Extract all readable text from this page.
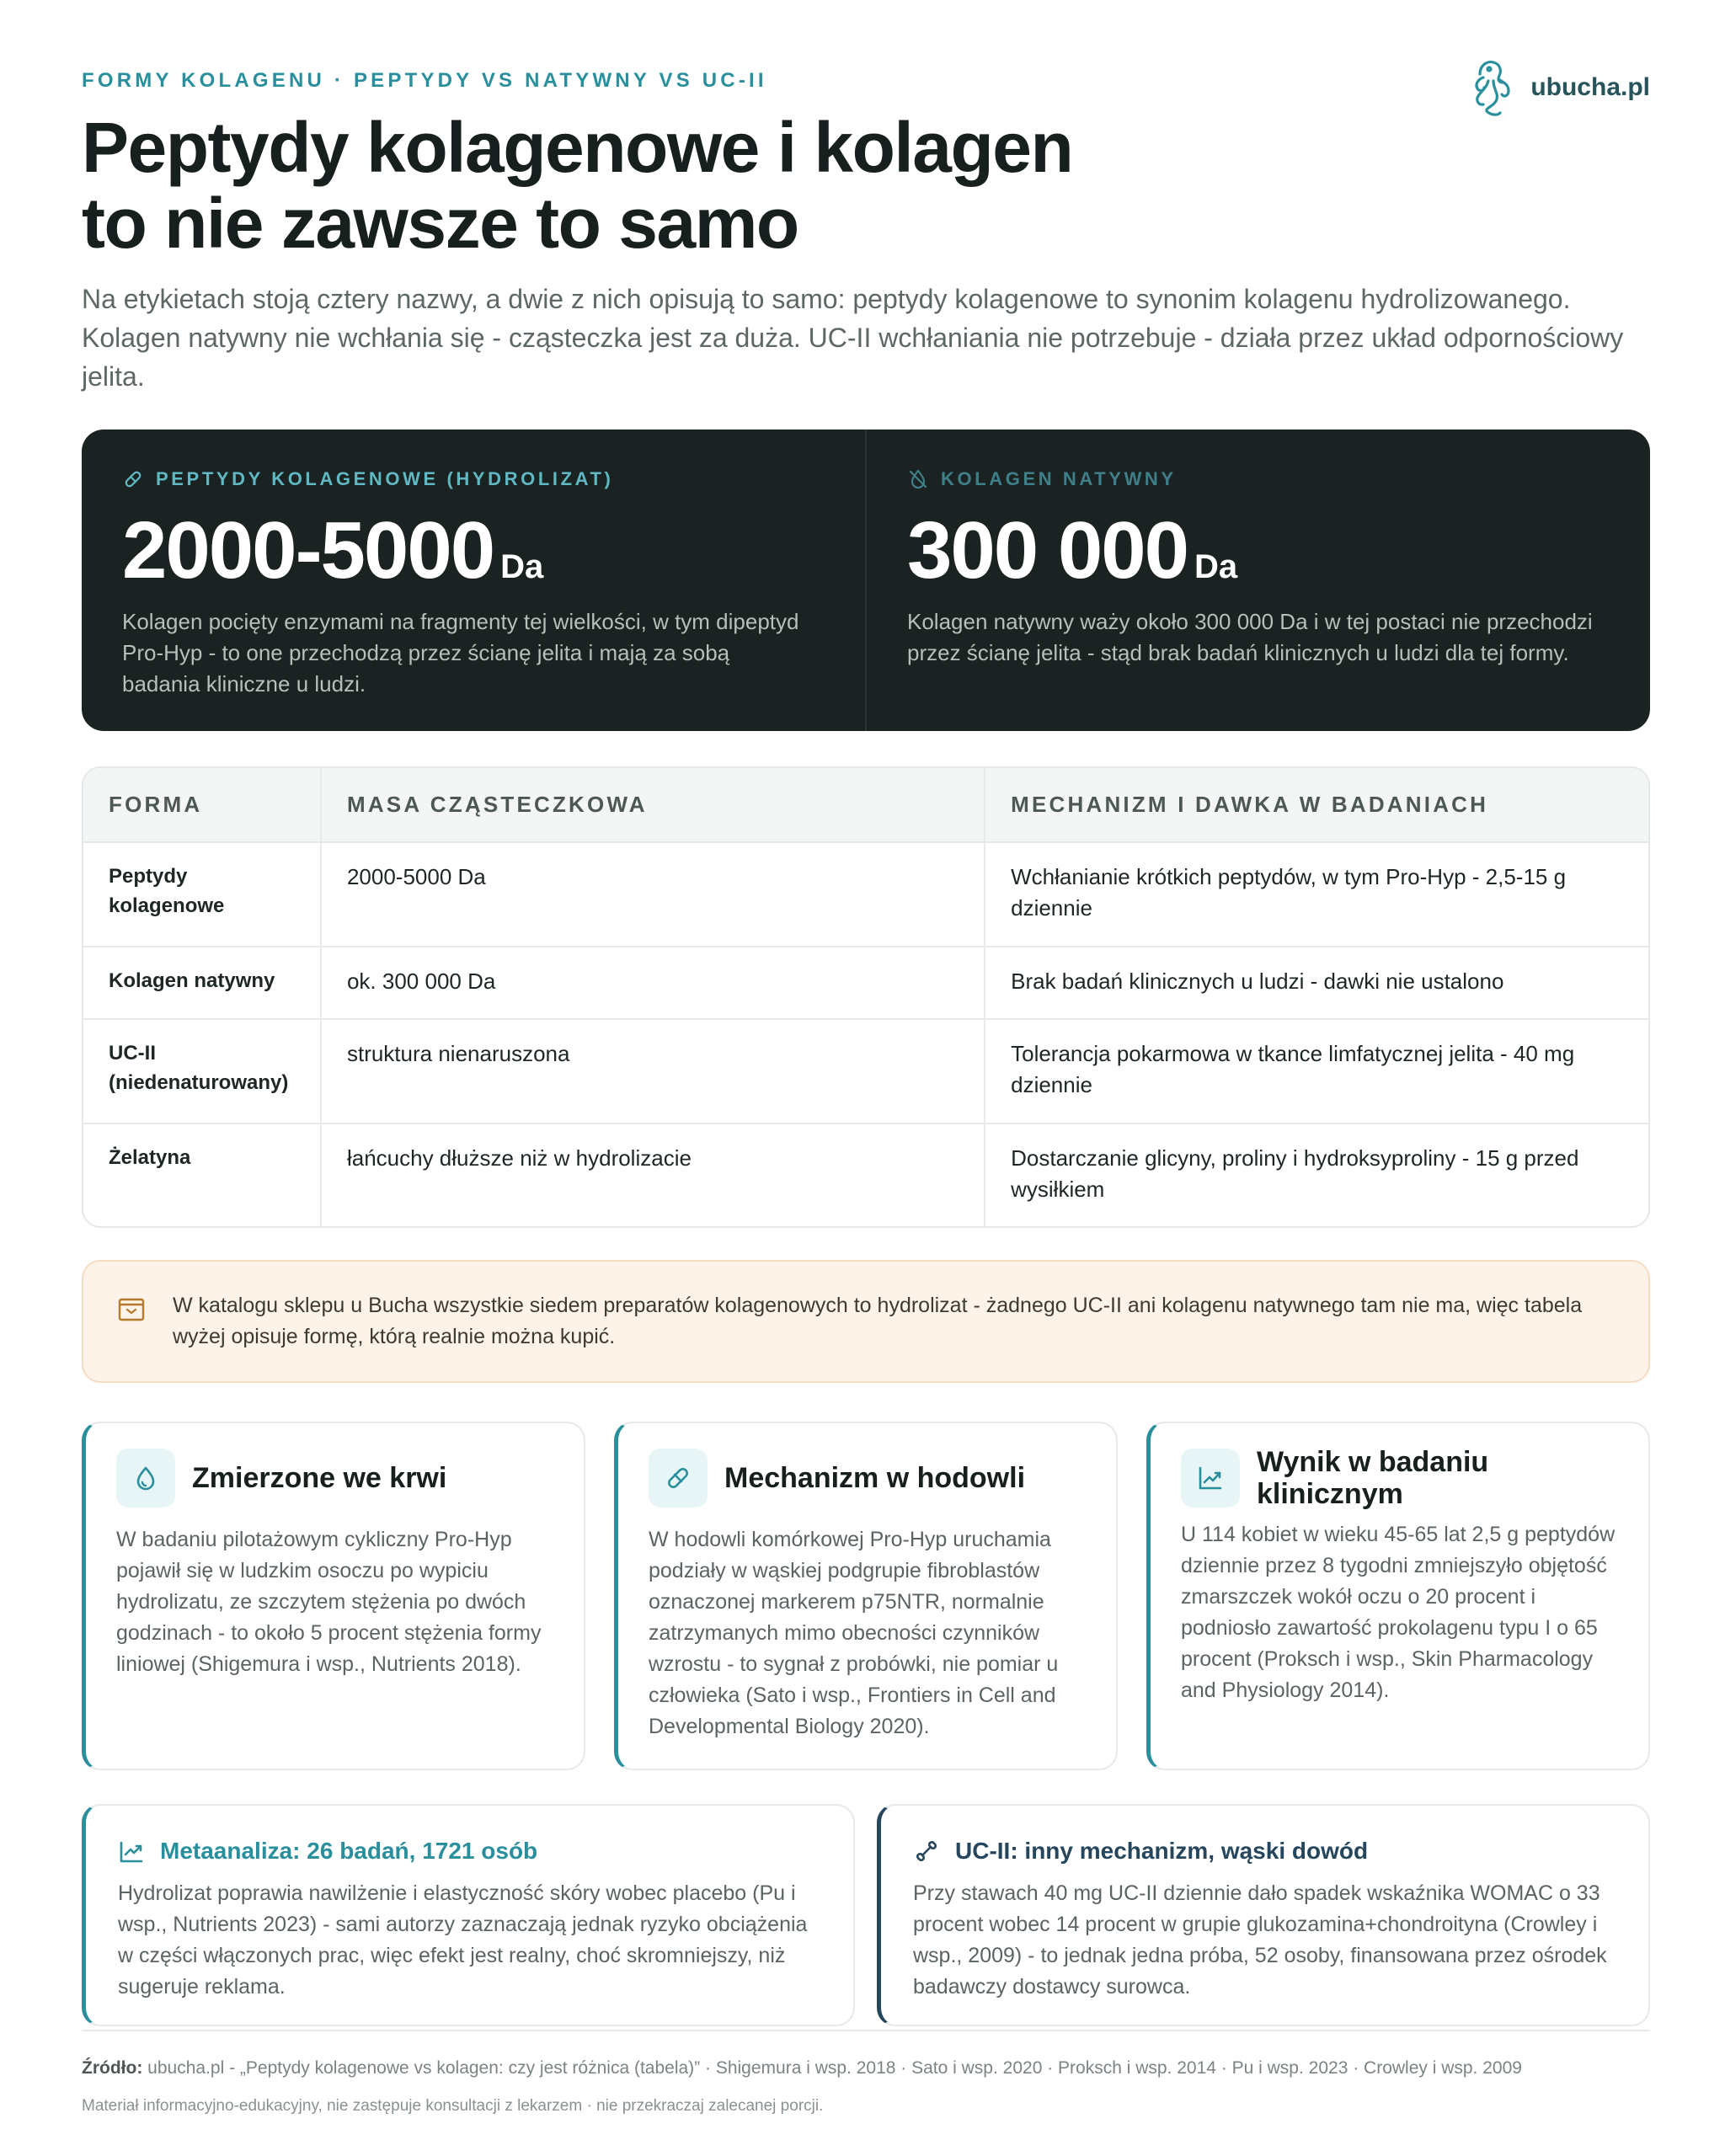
FORMY KOLAGENU · PEPTYDY VS NATYWNY VS UC-II	ubucha.pl
Peptydy kolagenowe i kolagen
to nie zawsze to samo

Na etykietach stoją cztery nazwy, a dwie z nich opisują to samo: peptydy kolagenowe to synonim kolagenu hydrolizowanego. Kolagen natywny nie wchłania się - cząsteczka jest za duża. UC-II wchłaniania nie potrzebuje - działa przez układ odpornościowy jelita.

PEPTYDY KOLAGENOWE (HYDROLIZAT)
2000-5000 Da

Kolagen pocięty enzymami na fragmenty tej wielkości, w tym dipeptyd Pro-Hyp - to one przechodzą przez ścianę jelita i mają za sobą badania kliniczne u ludzi.

KOLAGEN NATYWNY
300 000 Da

Kolagen natywny waży około 300 000 Da i w tej postaci nie przechodzi przez ścianę jelita - stąd brak badań klinicznych u ludzi dla tej formy.

FORMA	MASA CZĄSTECZKOWA	MECHANIZM I DAWKA W BADANIACH
Peptydy kolagenowe	2000-5000 Da	Wchłanianie krótkich peptydów, w tym Pro-Hyp - 2,5-15 g dziennie
Kolagen natywny	ok. 300 000 Da	Brak badań klinicznych u ludzi - dawki nie ustalono
UC-II (niedenaturowany)	struktura nienaruszona	Tolerancja pokarmowa w tkance limfatycznej jelita - 40 mg dziennie
Żelatyna	łańcuchy dłuższe niż w hydrolizacie	Dostarczanie glicyny, proliny i hydroksyproliny - 15 g przed wysiłkiem
W katalogu sklepu u Bucha wszystkie siedem preparatów kolagenowych to hydrolizat - żadnego UC-II ani kolagenu natywnego tam nie ma, więc tabela wyżej opisuje formę, którą realnie można kupić.
Zmierzone we krwi

W badaniu pilotażowym cykliczny Pro-Hyp pojawił się w ludzkim osoczu po wypiciu hydrolizatu, ze szczytem stężenia po dwóch godzinach - to około 5 procent stężenia formy liniowej (Shigemura i wsp., Nutrients 2018).

Mechanizm w hodowli

W hodowli komórkowej Pro-Hyp uruchamia podziały w wąskiej podgrupie fibroblastów oznaczonej markerem p75NTR, normalnie zatrzymanych mimo obecności czynników wzrostu - to sygnał z probówki, nie pomiar u człowieka (Sato i wsp., Frontiers in Cell and Developmental Biology 2020).

Wynik w badaniu klinicznym

U 114 kobiet w wieku 45-65 lat 2,5 g peptydów dziennie przez 8 tygodni zmniejszyło objętość zmarszczek wokół oczu o 20 procent i podniosło zawartość prokolagenu typu I o 65 procent (Proksch i wsp., Skin Pharmacology and Physiology 2014).

Metaanaliza: 26 badań, 1721 osób

Hydrolizat poprawia nawilżenie i elastyczność skóry wobec placebo (Pu i wsp., Nutrients 2023) - sami autorzy zaznaczają jednak ryzyko obciążenia w części włączonych prac, więc efekt jest realny, choć skromniejszy, niż sugeruje reklama.

UC-II: inny mechanizm, wąski dowód

Przy stawach 40 mg UC-II dziennie dało spadek wskaźnika WOMAC o 33 procent wobec 14 procent w grupie glukozamina+chondroityna (Crowley i wsp., 2009) - to jednak jedna próba, 52 osoby, finansowana przez ośrodek badawczy dostawcy surowca.

Źródło: ubucha.pl - „Peptydy kolagenowe vs kolagen: czy jest różnica (tabela)” · Shigemura i wsp. 2018 · Sato i wsp. 2020 · Proksch i wsp. 2014 · Pu i wsp. 2023 · Crowley i wsp. 2009
Materiał informacyjno-edukacyjny, nie zastępuje konsultacji z lekarzem · nie przekraczaj zalecanej porcji.
